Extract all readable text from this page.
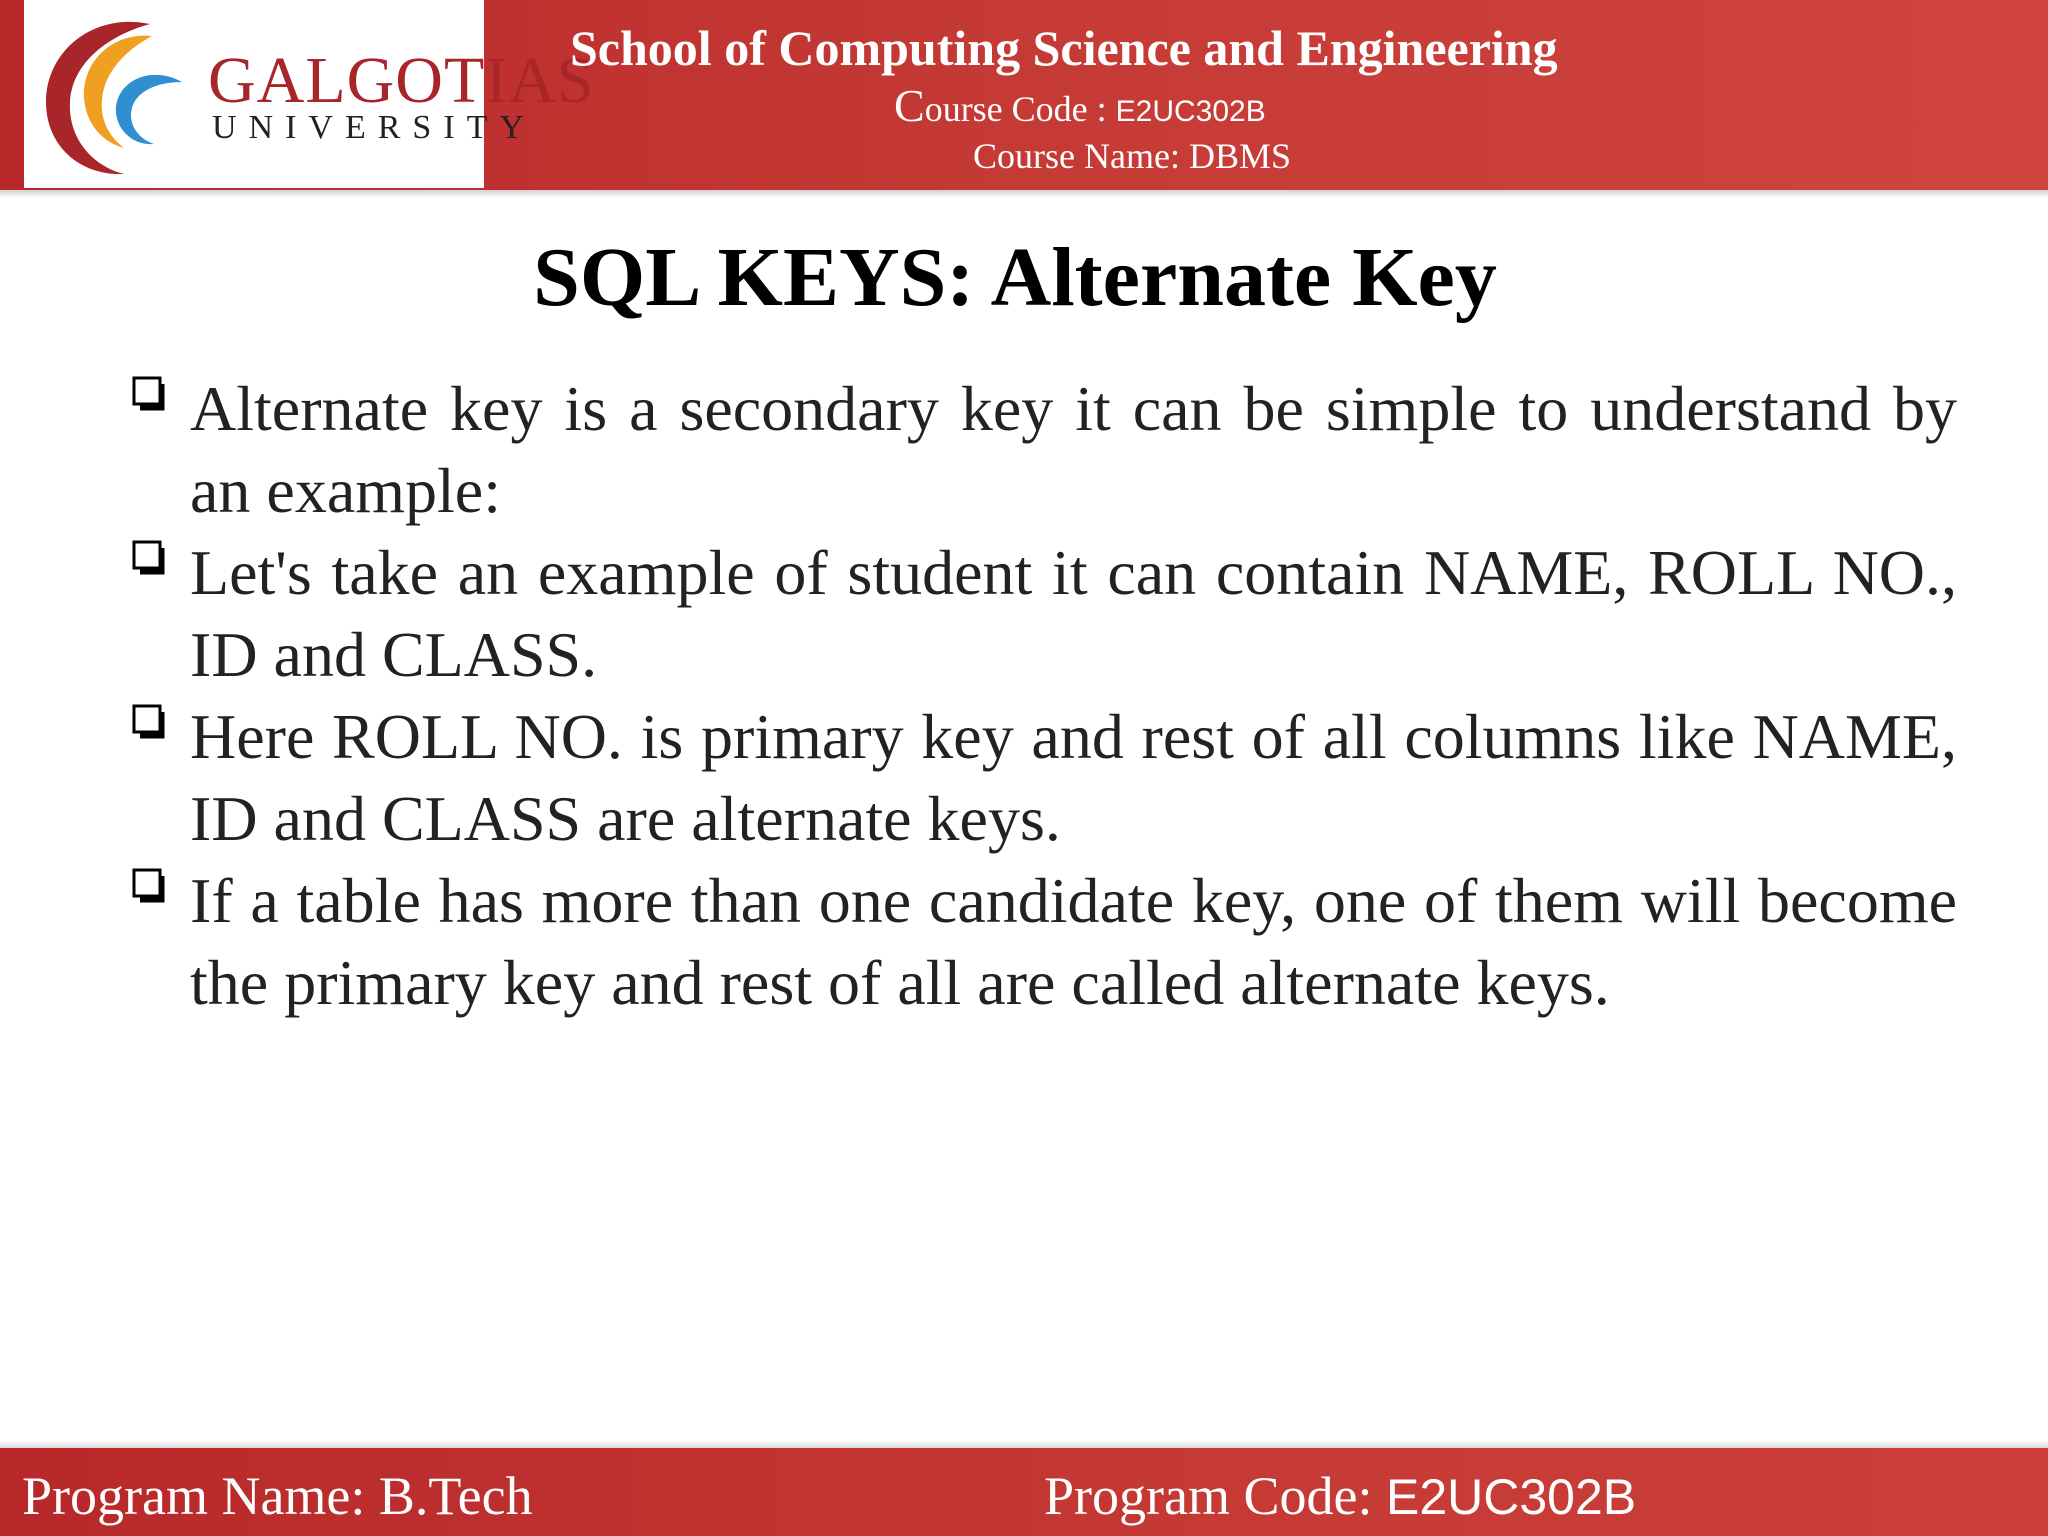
GALGOTIAS
UNIVERSITY
School of Computing Science and Engineering
Course Code : E2UC302B
Course Name: DBMS
SQL KEYS: Alternate Key
Alternate key is a secondary key it can be simple to understand by an example:
Let's take an example of student it can contain NAME, ROLL NO., ID and CLASS.
Here ROLL NO. is primary key and rest of all columns like NAME, ID and CLASS are alternate keys.
If a table has more than one candidate key, one of them will become the primary key and rest of all are called alternate keys.
Program Name: B.Tech	Program Code: E2UC302B
